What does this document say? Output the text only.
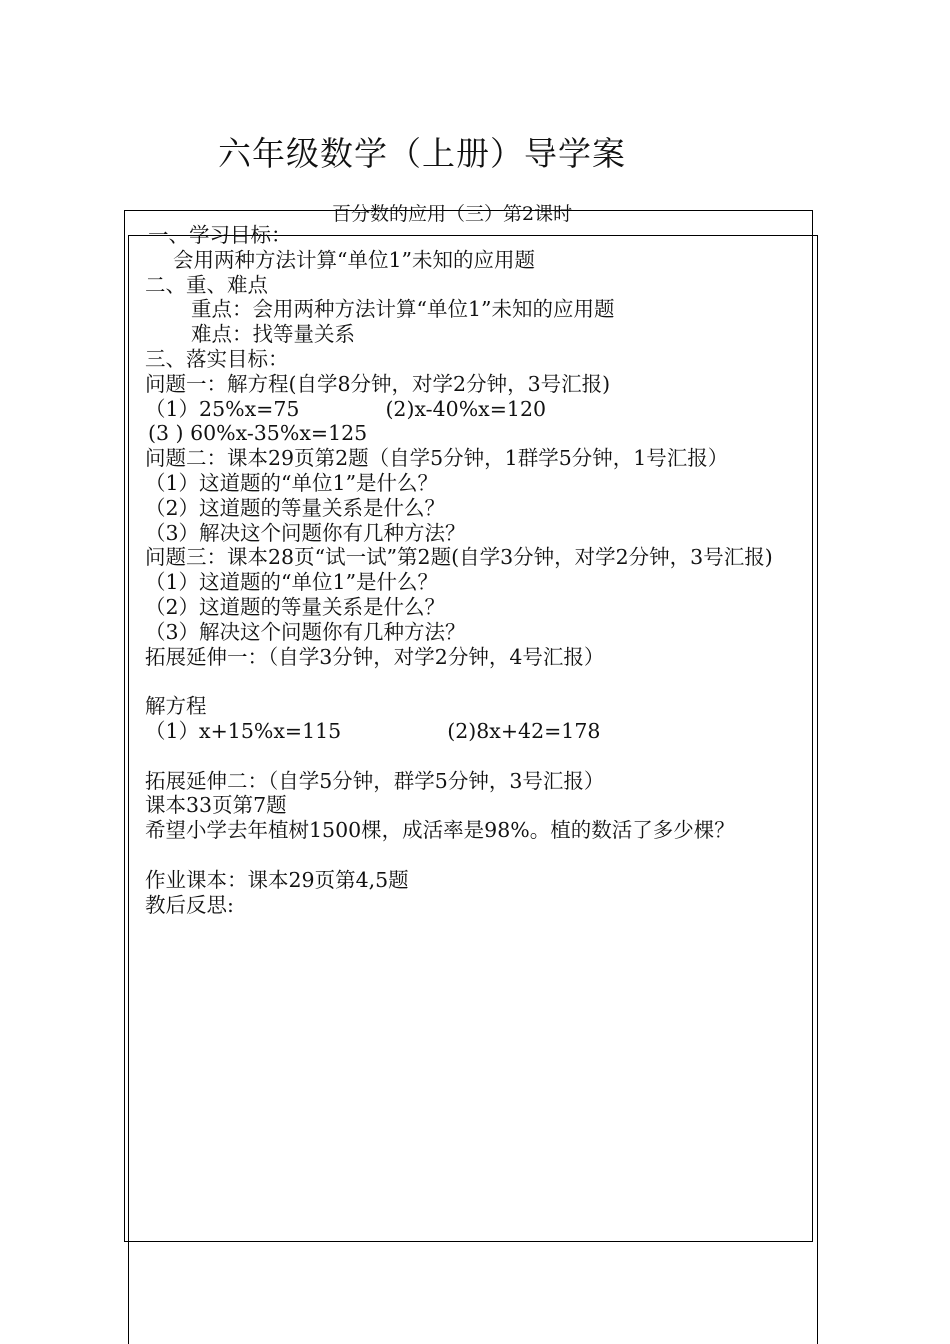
六年级数学（上册）导学案
百分数的应用（三）第2课时
一、学习目标：
会用两种方法计算“单位1”未知的应用题
二、重、难点
重点：会用两种方法计算“单位1”未知的应用题
难点：找等量关系
三、落实目标：
问题一：解方程(自学8分钟，对学2分钟，3号汇报)
（1）25%x=75	(2)x-40%x=120
(3 ) 60%x-35%x=125
问题二：课本29页第2题（自学5分钟，1群学5分钟，1号汇报）
（1）这道题的“单位1”是什么？
（2）这道题的等量关系是什么？
（3）解决这个问题你有几种方法？
问题三：课本28页“试一试”第2题(自学3分钟，对学2分钟，3号汇报)
（1）这道题的“单位1”是什么？
（2）这道题的等量关系是什么？
（3）解决这个问题你有几种方法？
拓展延伸一：（自学3分钟，对学2分钟，4号汇报）
解方程
（1）x+15%x=115	(2)8x+42=178
拓展延伸二：（自学5分钟，群学5分钟，3号汇报）
课本33页第7题
希望小学去年植树1500棵，成活率是98%。植的数活了多少棵？
作业课本：课本29页第4,5题
教后反思:
